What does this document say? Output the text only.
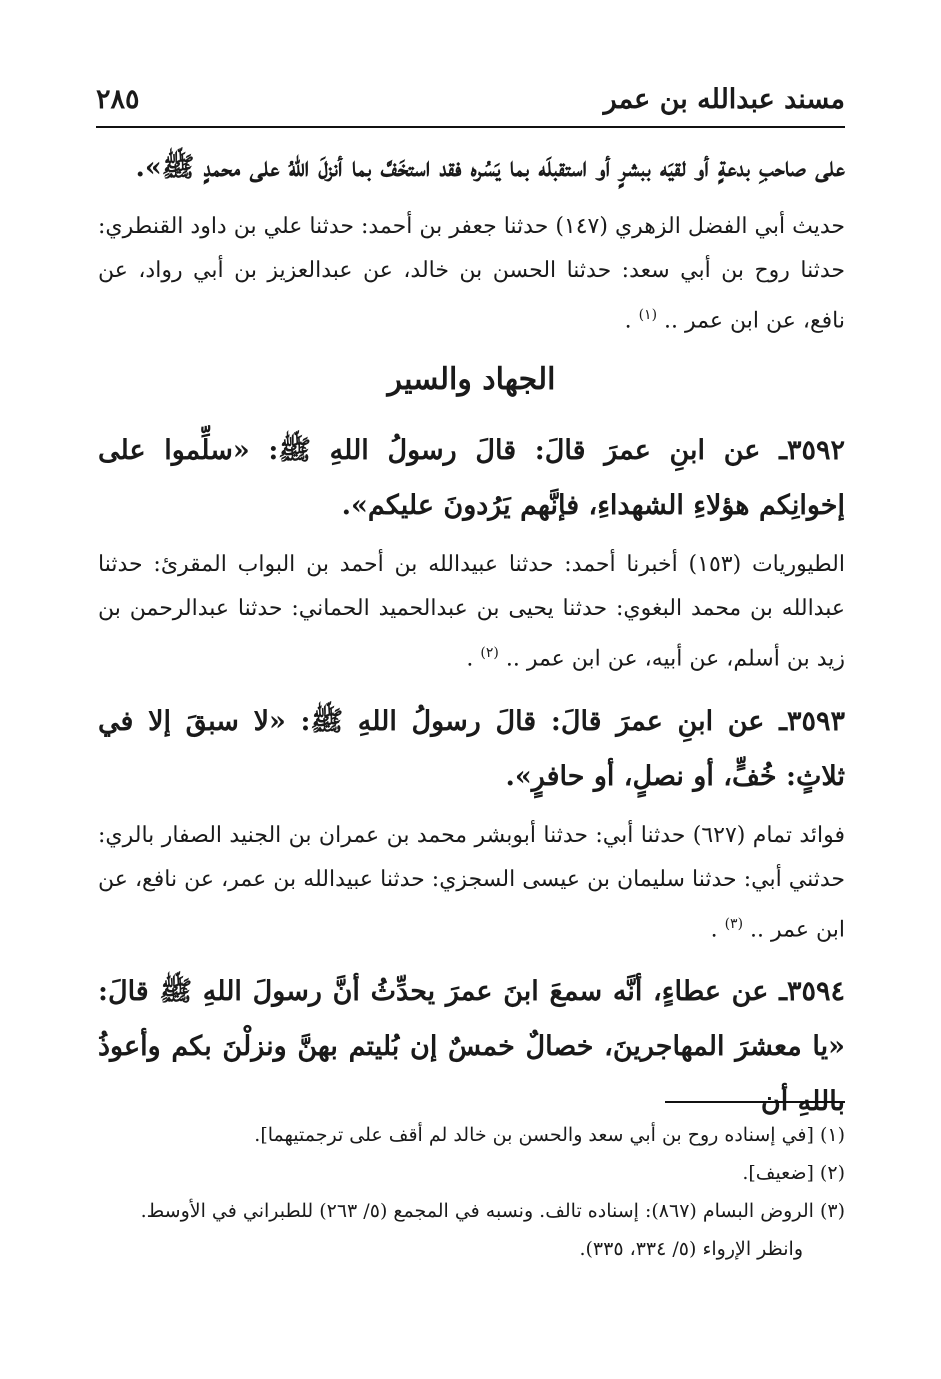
مسند عبدالله بن عمر
٢٨٥

على صاحبِ بدعةٍ أو لقيَه ببشرٍ أو استقبلَه بما يَسُره فقد استخَفَّ بما أنزلَ اللهُ على محمدٍ ﷺ».

حديث أبي الفضل الزهري (١٤٧) حدثنا جعفر بن أحمد: حدثنا علي بن داود القنطري: حدثنا روح بن أبي سعد: حدثنا الحسن بن خالد، عن عبدالعزيز بن أبي رواد، عن نافع، عن ابن عمر .. $^{(١)}$ .

الجهاد والسير

٣٥٩٢ـ عن ابنِ عمرَ قالَ: قالَ رسولُ اللهِ ﷺ: «سلِّموا على إخوانِكم هؤلاءِ الشهداءِ، فإنَّهم يَرُدونَ عليكم».

الطيوريات (١٥٣) أخبرنا أحمد: حدثنا عبيدالله بن أحمد بن البواب المقرئ: حدثنا عبدالله بن محمد البغوي: حدثنا يحيى بن عبدالحميد الحماني: حدثنا عبدالرحمن بن زيد بن أسلم، عن أبيه، عن ابن عمر .. $^{(٢)}$ .

٣٥٩٣ـ عن ابنِ عمرَ قالَ: قالَ رسولُ اللهِ ﷺ: «لا سبقَ إلا في ثلاثٍ: خُفٍّ، أو نصلٍ، أو حافرٍ».

فوائد تمام (٦٢٧) حدثنا أبي: حدثنا أبوبشر محمد بن عمران بن الجنيد الصفار بالري: حدثني أبي: حدثنا سليمان بن عيسى السجزي: حدثنا عبيدالله بن عمر، عن نافع، عن ابن عمر .. $^{(٣)}$ .

٣٥٩٤ـ عن عطاءٍ، أنَّه سمعَ ابنَ عمرَ يحدِّثُ أنَّ رسولَ اللهِ ﷺ قالَ: «يا معشرَ المهاجرينَ، خصالٌ خمسٌ إن بُليتم بهنَّ ونزلْنَ بكم وأعوذُ باللهِ أن

(١) [في إسناده روح بن أبي سعد والحسن بن خالد لم أقف على ترجمتيهما].

(٢) [ضعيف].

(٣) الروض البسام (٨٦٧): إسناده تالف. ونسبه في المجمع (٥/ ٢٦٣) للطبراني في الأوسط.
وانظر الإرواء (٥/ ٣٣٤، ٣٣٥).
